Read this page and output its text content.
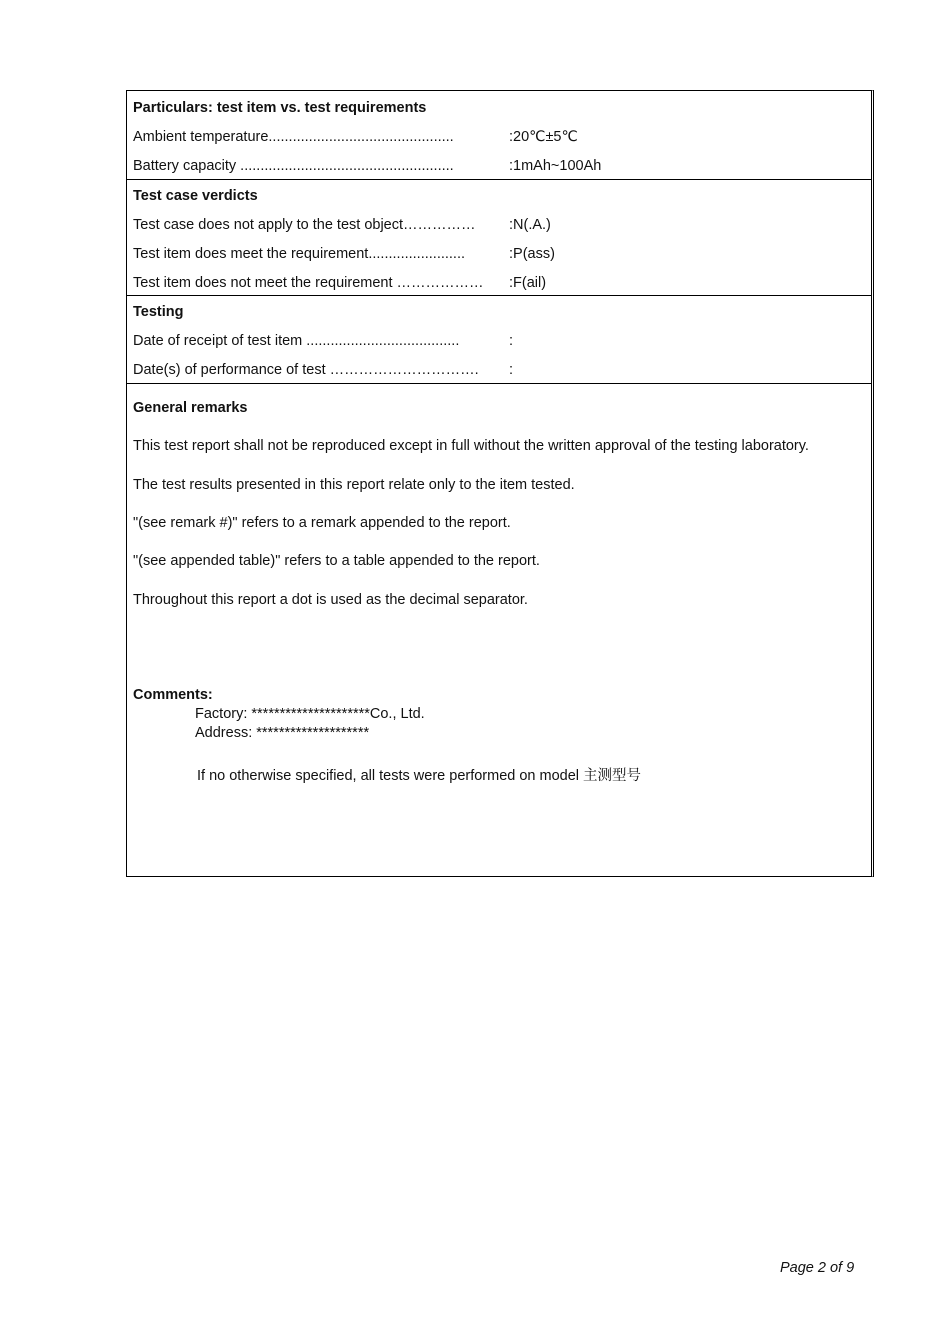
Particulars: test item vs. test requirements
Ambient temperature..............................................	:20℃±5℃
Battery capacity .....................................................	:1mAh~100Ah
Test case verdicts
Test case does not apply to the test object…………… :N(.A.)
Test item does meet the requirement........................	:P(ass)
Test item does not meet the requirement ……………… :F(ail)
Testing
Date of receipt of test item ......................................	:
Date(s) of performance of test …………………………. :
General remarks
This test report shall not be reproduced except in full without the written approval of the testing laboratory.
The test results presented in this report relate only to the item tested.
"(see remark #)" refers to a remark appended to the report.
"(see appended table)" refers to a table appended to the report.
Throughout this report a dot is used as the decimal separator.
Comments:
Factory: *********************Co., Ltd.
Address: ********************
If no otherwise specified, all tests were performed on model 主测型号
Page 2 of 9
